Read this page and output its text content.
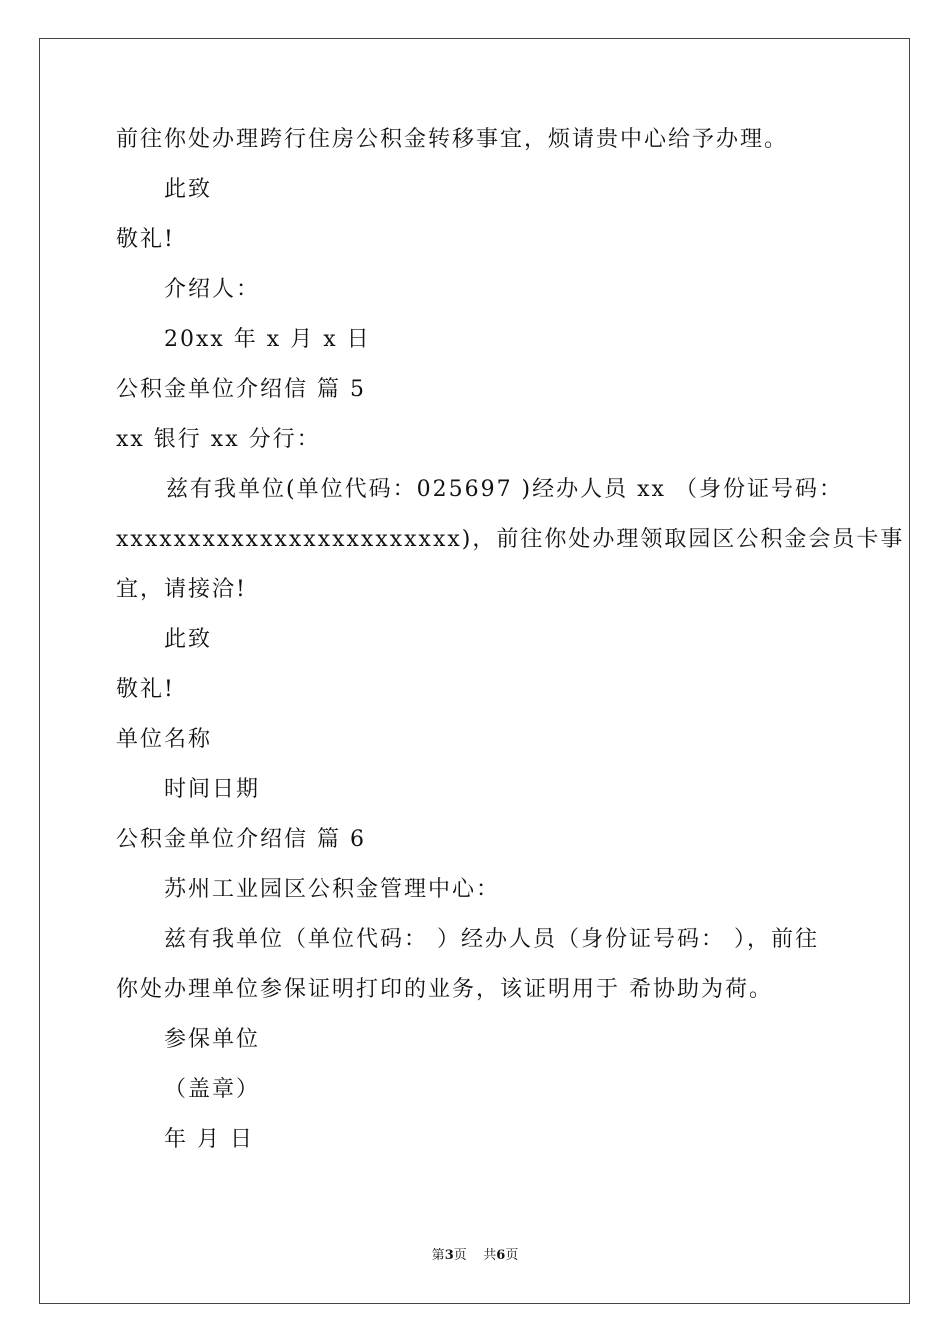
前往你处办理跨行住房公积金转移事宜，烦请贵中心给予办理。
此致
敬礼!
介绍人：
20xx 年 x 月 x 日
公积金单位介绍信 篇 5
xx 银行 xx 分行：
兹有我单位(单位代码：025697 )经办人员 xx （身份证号码：
xxxxxxxxxxxxxxxxxxxxxxxx)，前往你处办理领取园区公积金会员卡事
宜，请接洽!
此致
敬礼!
单位名称
时间日期
公积金单位介绍信 篇 6
苏州工业园区公积金管理中心：
兹有我单位（单位代码： ）经办人员（身份证号码： ），前往
你处办理单位参保证明打印的业务，该证明用于 希协助为荷。
参保单位
（盖章）
年 月 日
第3页    共6页
